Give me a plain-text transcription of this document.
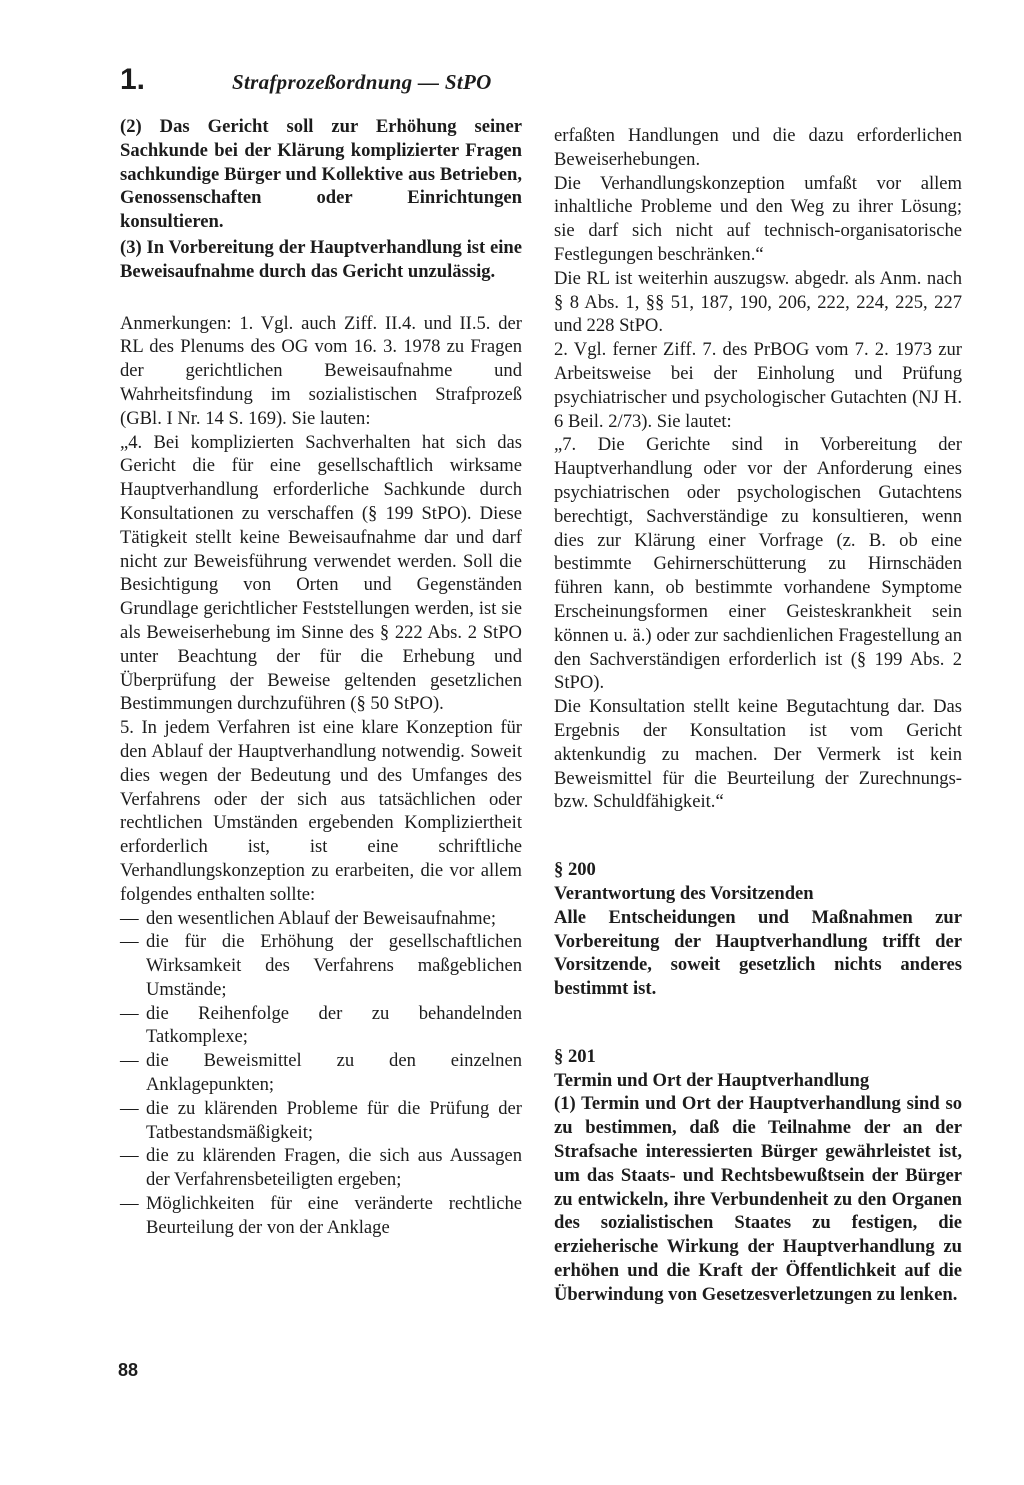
1.	Strafprozeßordnung — StPO

(2) Das Gericht soll zur Erhöhung seiner Sachkunde bei der Klärung komplizierter Fragen sachkundige Bürger und Kollektive aus Betrieben, Genossenschaften oder Einrichtungen konsultieren.

(3) In Vorbereitung der Hauptverhandlung ist eine Beweisaufnahme durch das Gericht unzulässig.

Anmerkungen: 1. Vgl. auch Ziff. II.4. und II.5. der RL des Plenums des OG vom 16. 3. 1978 zu Fragen der gerichtlichen Beweisaufnahme und Wahrheitsfindung im sozialistischen Strafprozeß (GBl. I Nr. 14 S. 169). Sie lauten:

„4. Bei komplizierten Sachverhalten hat sich das Gericht die für eine gesellschaftlich wirksame Hauptverhandlung erforderliche Sachkunde durch Konsultationen zu verschaffen (§ 199 StPO). Diese Tätigkeit stellt keine Beweisaufnahme dar und darf nicht zur Beweisführung verwendet werden. Soll die Besichtigung von Orten und Gegenständen Grundlage gerichtlicher Feststellungen werden, ist sie als Beweiserhebung im Sinne des § 222 Abs. 2 StPO unter Beachtung der für die Erhebung und Überprüfung der Beweise geltenden gesetzlichen Bestimmungen durchzuführen (§ 50 StPO).

5. In jedem Verfahren ist eine klare Konzeption für den Ablauf der Hauptverhandlung notwendig. Soweit dies wegen der Bedeutung und des Umfanges des Verfahrens oder der sich aus tatsächlichen oder rechtlichen Umständen ergebenden Kompliziertheit erforderlich ist, ist eine schriftliche Verhandlungskonzeption zu erarbeiten, die vor allem folgendes enthalten sollte:

— den wesentlichen Ablauf der Beweisaufnahme;
— die für die Erhöhung der gesellschaftlichen Wirksamkeit des Verfahrens maßgeblichen Umstände;
— die Reihenfolge der zu behandelnden Tatkomplexe;
— die Beweismittel zu den einzelnen Anklagepunkten;
— die zu klärenden Probleme für die Prüfung der Tatbestandsmäßigkeit;
— die zu klärenden Fragen, die sich aus Aussagen der Verfahrensbeteiligten ergeben;
— Möglichkeiten für eine veränderte rechtliche Beurteilung der von der Anklage

erfaßten Handlungen und die dazu erforderlichen Beweiserhebungen.

Die Verhandlungskonzeption umfaßt vor allem inhaltliche Probleme und den Weg zu ihrer Lösung; sie darf sich nicht auf technisch-organisatorische Festlegungen beschränken.“

Die RL ist weiterhin auszugsw. abgedr. als Anm. nach § 8 Abs. 1, §§ 51, 187, 190, 206, 222, 224, 225, 227 und 228 StPO.

2. Vgl. ferner Ziff. 7. des PrBOG vom 7. 2. 1973 zur Arbeitsweise bei der Einholung und Prüfung psychiatrischer und psychologischer Gutachten (NJ H. 6 Beil. 2/73). Sie lautet:

„7. Die Gerichte sind in Vorbereitung der Hauptverhandlung oder vor der Anforderung eines psychiatrischen oder psychologischen Gutachtens berechtigt, Sachverständige zu konsultieren, wenn dies zur Klärung einer Vorfrage (z. B. ob eine bestimmte Gehirnerschütterung zu Hirnschäden führen kann, ob bestimmte vorhandene Symptome Erscheinungsformen einer Geisteskrankheit sein können u. ä.) oder zur sachdienlichen Fragestellung an den Sachverständigen erforderlich ist (§ 199 Abs. 2 StPO).

Die Konsultation stellt keine Begutachtung dar. Das Ergebnis der Konsultation ist vom Gericht aktenkundig zu machen. Der Vermerk ist kein Beweismittel für die Beurteilung der Zurechnungs- bzw. Schuldfähigkeit.“

§ 200

Verantwortung des Vorsitzenden

Alle Entscheidungen und Maßnahmen zur Vorbereitung der Hauptverhandlung trifft der Vorsitzende, soweit gesetzlich nichts anderes bestimmt ist.

§ 201

Termin und Ort der Hauptverhandlung

(1) Termin und Ort der Hauptverhandlung sind so zu bestimmen, daß die Teilnahme der an der Strafsache interessierten Bürger gewährleistet ist, um das Staats- und Rechtsbewußtsein der Bürger zu entwickeln, ihre Verbundenheit zu den Organen des sozialistischen Staates zu festigen, die erzieherische Wirkung der Hauptverhandlung zu erhöhen und die Kraft der Öffentlichkeit auf die Überwindung von Gesetzesverletzungen zu lenken.

88
